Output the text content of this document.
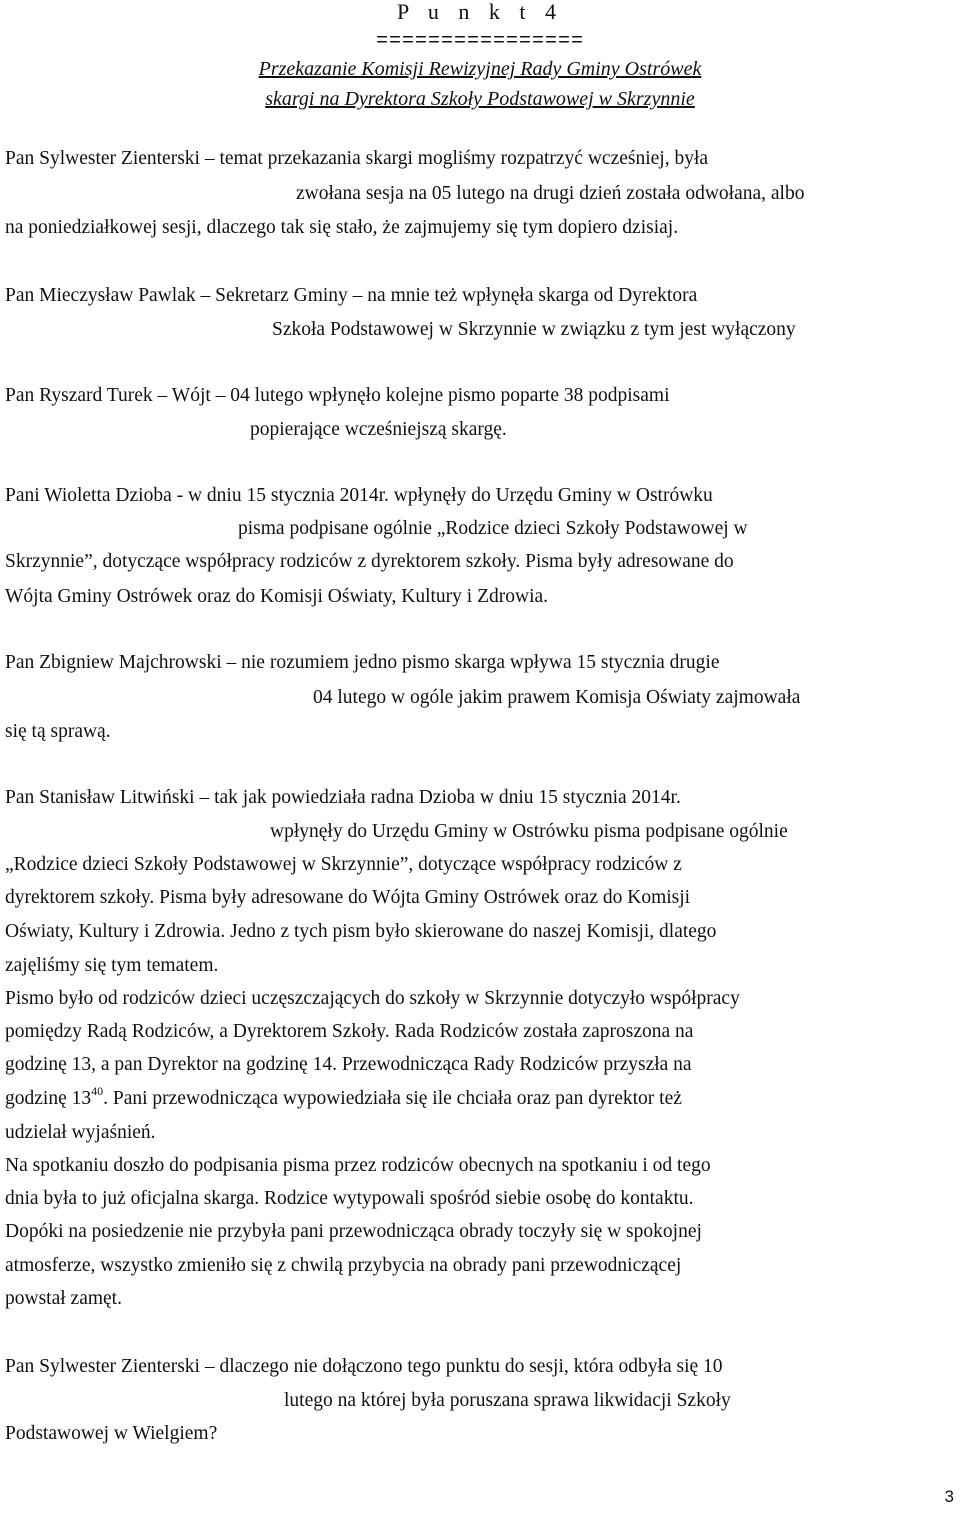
P u n k t 4
================
Przekazanie Komisji Rewizyjnej Rady Gminy Ostrówek
skargi na Dyrektora Szkoły Podstawowej w Skrzynnie
Pan Sylwester Zienterski – temat przekazania skargi mogliśmy rozpatrzyć wcześniej, była
zwołana sesja na 05 lutego na drugi dzień została odwołana, albo
na poniedziałkowej sesji, dlaczego tak się stało, że zajmujemy się tym dopiero dzisiaj.
Pan Mieczysław Pawlak – Sekretarz Gminy – na mnie też wpłynęła skarga od Dyrektora
Szkoła Podstawowej w Skrzynnie w związku z tym jest wyłączony
Pan Ryszard Turek – Wójt – 04 lutego wpłynęło kolejne pismo poparte 38 podpisami
popierające wcześniejszą skargę.
Pani Wioletta Dzioba - w dniu 15 stycznia 2014r. wpłynęły do Urzędu Gminy w Ostrówku
pisma podpisane ogólnie „Rodzice dzieci Szkoły Podstawowej w
Skrzynnie”, dotyczące współpracy rodziców z dyrektorem szkoły. Pisma były adresowane do
Wójta Gminy Ostrówek oraz do Komisji Oświaty, Kultury i Zdrowia.
Pan Zbigniew Majchrowski – nie rozumiem jedno pismo skarga wpływa 15 stycznia drugie
04 lutego w ogóle jakim prawem Komisja Oświaty zajmowała
się tą sprawą.
Pan Stanisław Litwiński – tak jak powiedziała radna Dzioba w dniu 15 stycznia 2014r.
wpłynęły do Urzędu Gminy w Ostrówku pisma podpisane ogólnie
„Rodzice dzieci Szkoły Podstawowej w Skrzynnie”, dotyczące współpracy rodziców z
dyrektorem szkoły. Pisma były adresowane do Wójta Gminy Ostrówek oraz do Komisji
Oświaty, Kultury i Zdrowia. Jedno z tych pism było skierowane do naszej Komisji, dlatego
zajęliśmy się tym tematem.
Pismo było od rodziców dzieci uczęszczających do szkoły w Skrzynnie dotyczyło współpracy
pomiędzy Radą Rodziców, a Dyrektorem Szkoły. Rada Rodziców została zaproszona na
godzinę 13, a pan Dyrektor na godzinę 14. Przewodnicząca Rady Rodziców przyszła na
godzinę $13^{40}$. Pani przewodnicząca wypowiedziała się ile chciała oraz pan dyrektor też
udzielał wyjaśnień.
Na spotkaniu doszło do podpisania pisma przez rodziców obecnych na spotkaniu i od tego
dnia była to już oficjalna skarga. Rodzice wytypowali spośród siebie osobę do kontaktu.
Dopóki na posiedzenie nie przybyła pani przewodnicząca obrady toczyły się w spokojnej
atmosferze, wszystko zmieniło się z chwilą przybycia na obrady pani przewodniczącej
powstał zamęt.
Pan Sylwester Zienterski – dlaczego nie dołączono tego punktu do sesji, która odbyła się 10
lutego na której była poruszana sprawa likwidacji Szkoły
Podstawowej w Wielgiem?
3
